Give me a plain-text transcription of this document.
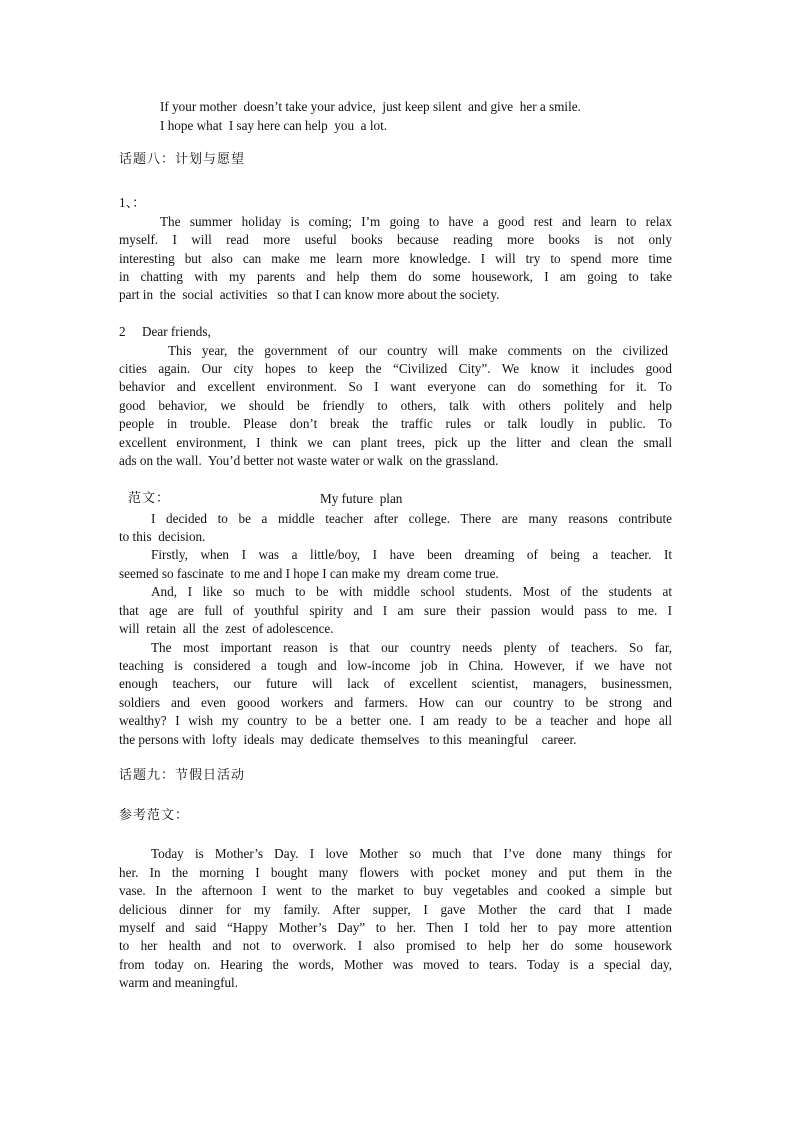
If your mother  doesn’t take your advice,  just keep silent  and give  her a smile.
I hope what  I say here can help  you  a lot.
话题八：计划与愿望
1、：
The summer holiday is coming; I’m going to have a good rest and learn to relax
myself. I will read more useful books because reading more books is not only
interesting but also can make me learn more knowledge. I will try to spend more time
in chatting with my parents and help them do some housework, I am going to take
part in  the  social  activities   so that I can know more about the society.
2 Dear friends,
This year, the government of our country will make comments on the civilized
cities again. Our city hopes to keep the “Civilized City”. We know it includes good
behavior and excellent environment. So I want everyone can do something for it. To
good behavior, we should be friendly to others, talk with others politely and help
people in trouble. Please don’t break the traffic rules or talk loudly in public. To
excellent environment, I think we can plant trees, pick up the litter and clean the small
ads on the wall.  You’d better not waste water or walk  on the grassland.
范文：	My future  plan
I decided to be a middle teacher after college. There are many reasons contribute
to this  decision.
Firstly, when I was a little/boy, I have been dreaming of being a teacher. It
seemed so fascinate  to me and I hope I can make my  dream come true.
And, I like so much to be with middle school students. Most of the students at
that age are full of youthful spirity and I am sure their passion would pass to me. I
will  retain  all  the  zest  of adolescence.
The most important reason is that our country needs plenty of teachers. So far,
teaching is considered a tough and low-income job in China. However, if we have not
enough teachers, our future will lack of excellent scientist, managers, businessmen,
soldiers and even goood workers and farmers. How can our country to be strong and
wealthy? I wish my country to be a better one. I am ready to be a teacher and hope all
the persons with  lofty  ideals  may  dedicate  themselves   to this  meaningful    career.
话题九：节假日活动
参考范文：
Today is Mother’s Day. I love Mother so much that I’ve done many things for
her. In the morning I bought many flowers with pocket money and put them in the
vase. In the afternoon I went to the market to buy vegetables and cooked a simple but
delicious dinner for my family. After supper, I gave Mother the card that I made
myself and said “Happy Mother’s Day” to her. Then I told her to pay more attention
to her health and not to overwork. I also promised to help her do some housework
from today on. Hearing the words, Mother was moved to tears. Today is a special day,
warm and meaningful.
